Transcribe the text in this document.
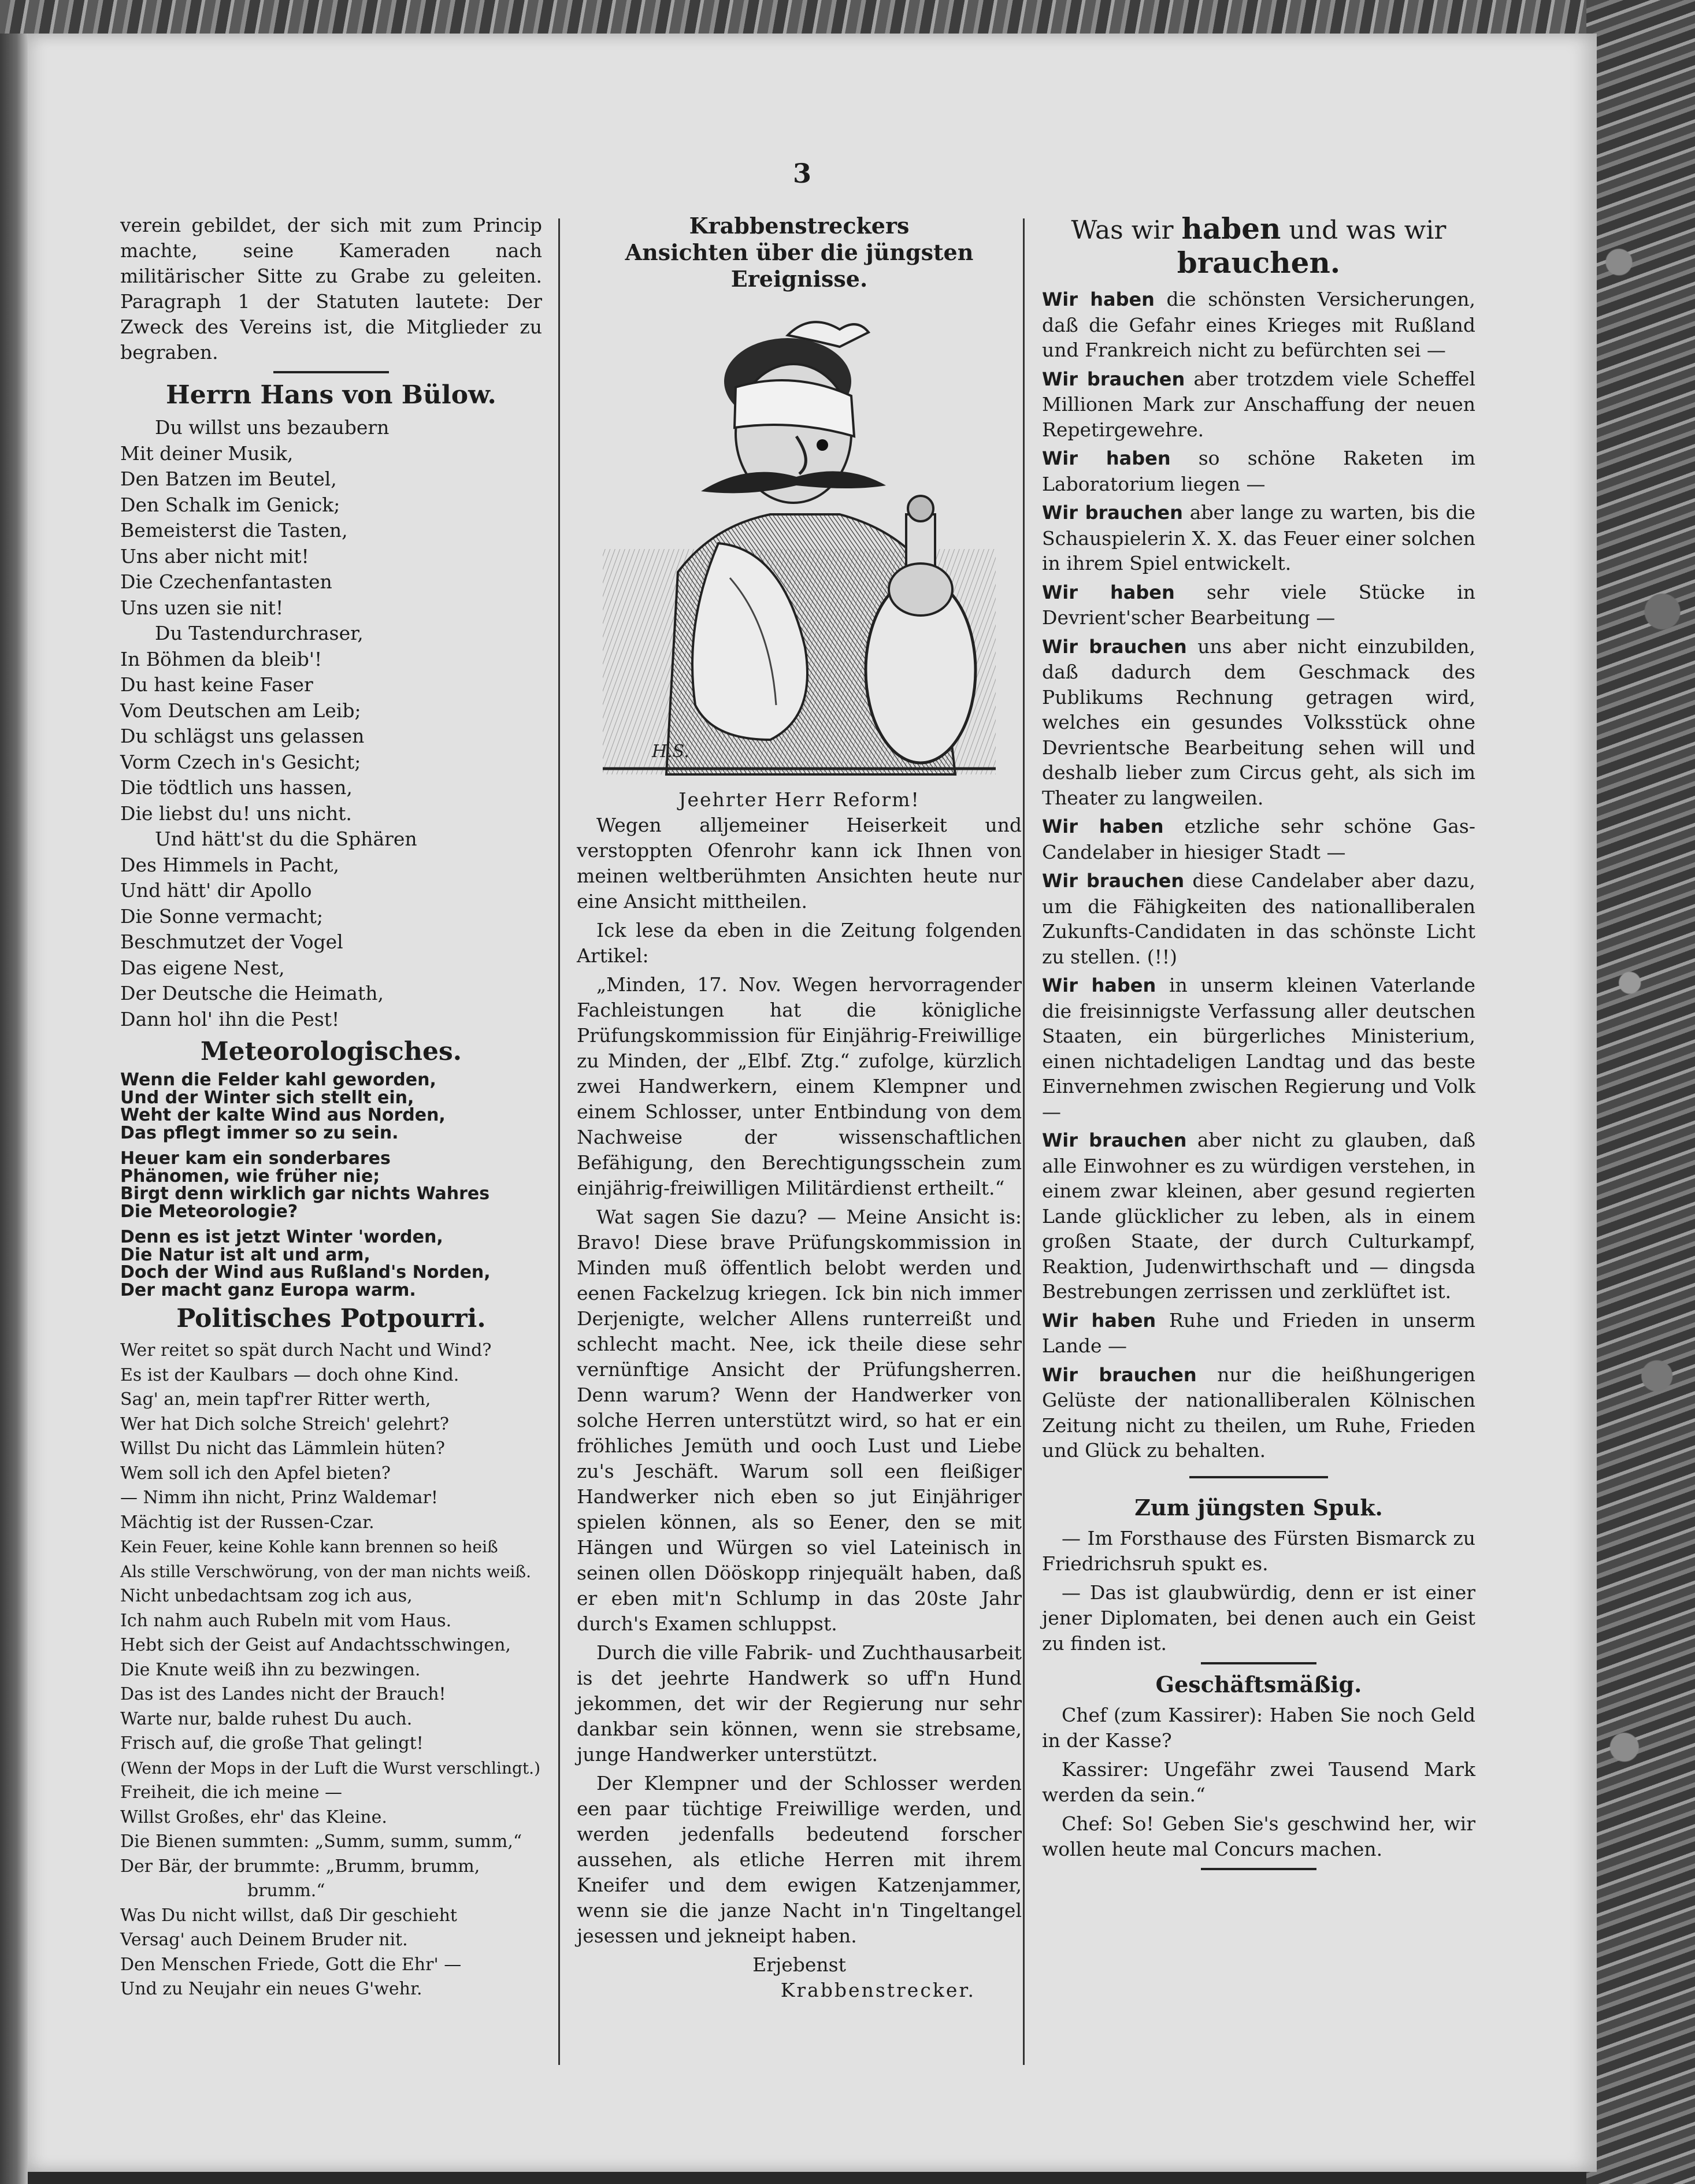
3
verein gebildet, der sich mit zum Princip machte, seine Kameraden nach militärischer Sitte zu Grabe zu geleiten. Paragraph 1 der Statuten lautete: Der Zweck des Vereins ist, die Mitglieder zu begraben.
Herrn Hans von Bülow.
Du willst uns bezaubern
Mit deiner Musik,
Den Batzen im Beutel,
Den Schalk im Genick;
Bemeisterst die Tasten,
Uns aber nicht mit!
Die Czechenfantasten
Uns uzen sie nit!
Du Tastendurchraser,
In Böhmen da bleib'!
Du hast keine Faser
Vom Deutschen am Leib;
Du schlägst uns gelassen
Vorm Czech in's Gesicht;
Die tödtlich uns hassen,
Die liebst du! uns nicht.
Und hätt'st du die Sphären
Des Himmels in Pacht,
Und hätt' dir Apollo
Die Sonne vermacht;
Beschmutzet der Vogel
Das eigene Nest,
Der Deutsche die Heimath,
Dann hol' ihn die Pest!
Meteorologisches.
Wenn die Felder kahl geworden,
Und der Winter sich stellt ein,
Weht der kalte Wind aus Norden,
Das pflegt immer so zu sein.
Heuer kam ein sonderbares
Phänomen, wie früher nie;
Birgt denn wirklich gar nichts Wahres
Die Meteorologie?
Denn es ist jetzt Winter 'worden,
Die Natur ist alt und arm,
Doch der Wind aus Rußland's Norden,
Der macht ganz Europa warm.
Politisches Potpourri.
Wer reitet so spät durch Nacht und Wind?
Es ist der Kaulbars — doch ohne Kind.
Sag' an, mein tapf'rer Ritter werth,
Wer hat Dich solche Streich' gelehrt?
Willst Du nicht das Lämmlein hüten?
Wem soll ich den Apfel bieten?
— Nimm ihn nicht, Prinz Waldemar!
Mächtig ist der Russen-Czar.
Kein Feuer, keine Kohle kann brennen so heiß
Als stille Verschwörung, von der man nichts weiß.
Nicht unbedachtsam zog ich aus,
Ich nahm auch Rubeln mit vom Haus.
Hebt sich der Geist auf Andachtsschwingen,
Die Knute weiß ihn zu bezwingen.
Das ist des Landes nicht der Brauch!
Warte nur, balde ruhest Du auch.
Frisch auf, die große That gelingt!
(Wenn der Mops in der Luft die Wurst verschlingt.)
Freiheit, die ich meine —
Willst Großes, ehr' das Kleine.
Die Bienen summten: „Summ, summ, summ,“
Der Bär, der brummte: „Brumm, brumm,
brumm.“
Was Du nicht willst, daß Dir geschieht
Versag' auch Deinem Bruder nit.
Den Menschen Friede, Gott die Ehr' —
Und zu Neujahr ein neues G'wehr.
Krabbenstreckers
Ansichten über die jüngsten Ereignisse.
H.S.
Jeehrter Herr Reform!

Wegen alljemeiner Heiserkeit und verstoppten Ofenrohr kann ick Ihnen von meinen weltberühmten Ansichten heute nur eine Ansicht mittheilen.

Ick lese da eben in die Zeitung folgenden Artikel:

„Minden, 17. Nov. Wegen hervorragender Fachleistungen hat die königliche Prüfungskommission für Einjährig-Freiwillige zu Minden, der „Elbf. Ztg.“ zufolge, kürzlich zwei Handwerkern, einem Klempner und einem Schlosser, unter Entbindung von dem Nachweise der wissenschaftlichen Befähigung, den Berechtigungsschein zum einjährig-freiwilligen Militärdienst ertheilt.“

Wat sagen Sie dazu? — Meine Ansicht is: Bravo! Diese brave Prüfungskommission in Minden muß öffentlich belobt werden und eenen Fackelzug kriegen. Ick bin nich immer Derjenigte, welcher Allens runterreißt und schlecht macht. Nee, ick theile diese sehr vernünftige Ansicht der Prüfungsherren. Denn warum? Wenn der Handwerker von solche Herren unterstützt wird, so hat er ein fröhliches Jemüth und ooch Lust und Liebe zu's Jeschäft. Warum soll een fleißiger Handwerker nich eben so jut Einjähriger spielen können, als so Eener, den se mit Hängen und Würgen so viel Lateinisch in seinen ollen Dööskopp rinjequält haben, daß er eben mit'n Schlump in das 20ste Jahr durch's Examen schluppst.

Durch die ville Fabrik- und Zuchthausarbeit is det jeehrte Handwerk so uff'n Hund jekommen, det wir der Regierung nur sehr dankbar sein können, wenn sie strebsame, junge Handwerker unterstützt.

Der Klempner und der Schlosser werden een paar tüchtige Freiwillige werden, und werden jedenfalls bedeutend forscher aussehen, als etliche Herren mit ihrem Kneifer und dem ewigen Katzenjammer, wenn sie die janze Nacht in'n Tingeltangel jesessen und jekneipt haben.

Erjebenst
Krabbenstrecker.
Was wir haben und was wir brauchen.

Wir haben die schönsten Versicherungen, daß die Gefahr eines Krieges mit Rußland und Frankreich nicht zu befürchten sei —

Wir brauchen aber trotzdem viele Scheffel Millionen Mark zur Anschaffung der neuen Repetirgewehre.

Wir haben so schöne Raketen im Laboratorium liegen —

Wir brauchen aber lange zu warten, bis die Schauspielerin X. X. das Feuer einer solchen in ihrem Spiel entwickelt.

Wir haben sehr viele Stücke in Devrient'scher Bearbeitung —

Wir brauchen uns aber nicht einzubilden, daß dadurch dem Geschmack des Publikums Rechnung getragen wird, welches ein gesundes Volksstück ohne Devrientsche Bearbeitung sehen will und deshalb lieber zum Circus geht, als sich im Theater zu langweilen.

Wir haben etzliche sehr schöne Gas-Candelaber in hiesiger Stadt —

Wir brauchen diese Candelaber aber dazu, um die Fähigkeiten des nationalliberalen Zukunfts-Candidaten in das schönste Licht zu stellen. (!!)

Wir haben in unserm kleinen Vaterlande die freisinnigste Verfassung aller deutschen Staaten, ein bürgerliches Ministerium, einen nichtadeligen Landtag und das beste Einvernehmen zwischen Regierung und Volk —

Wir brauchen aber nicht zu glauben, daß alle Einwohner es zu würdigen verstehen, in einem zwar kleinen, aber gesund regierten Lande glücklicher zu leben, als in einem großen Staate, der durch Culturkampf, Reaktion, Judenwirthschaft und — dingsda Bestrebungen zerrissen und zerklüftet ist.

Wir haben Ruhe und Frieden in unserm Lande —

Wir brauchen nur die heißhungerigen Gelüste der nationalliberalen Kölnischen Zeitung nicht zu theilen, um Ruhe, Frieden und Glück zu behalten.

Zum jüngsten Spuk.

— Im Forsthause des Fürsten Bismarck zu Friedrichsruh spukt es.

— Das ist glaubwürdig, denn er ist einer jener Diplomaten, bei denen auch ein Geist zu finden ist.

Geschäftsmäßig.

Chef (zum Kassirer): Haben Sie noch Geld in der Kasse?

Kassirer: Ungefähr zwei Tausend Mark werden da sein.“

Chef: So! Geben Sie's geschwind her, wir wollen heute mal Concurs machen.
